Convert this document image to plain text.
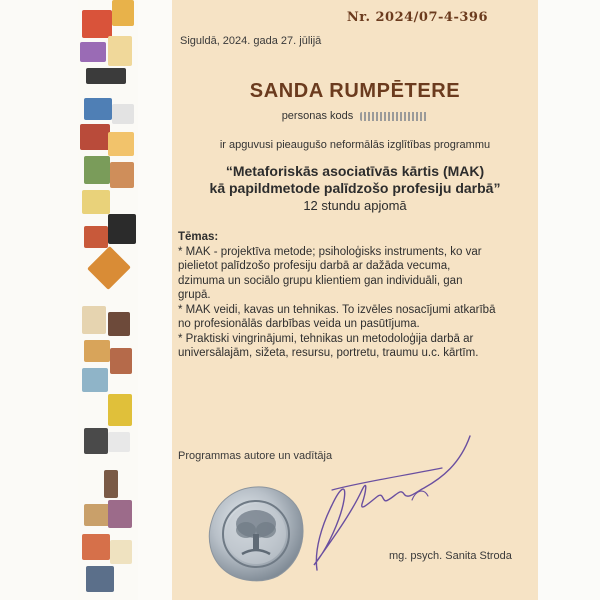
Nr. 2024/07-4-396
Siguldā, 2024. gada 27. jūlijā
SANDA RUMPĒTERE
personas kods
ir apguvusi pieaugušo neformālās izglītības programmu
“Metaforiskās asociatīvās kārtis (MAK)
kā papildmetode palīdzošo profesiju darbā”
12 stundu apjomā
Tēmas:
* MAK - projektīva metode; psiholoģisks instruments, ko var
pielietot palīdzošo profesiju darbā ar dažāda vecuma,
dzimuma un sociālo grupu klientiem gan individuāli, gan
grupā.
* MAK veidi, kavas un tehnikas. To izvēles nosacījumi atkarībā
no profesionālās darbības veida un pasūtījuma.
* Praktiski vingrinājumi, tehnikas un metodoloģija darbā ar
universālajām, sižeta, resursu, portretu, traumu u.c. kārtīm.
Programmas autore un vadītāja
mg. psych. Sanita Stroda
